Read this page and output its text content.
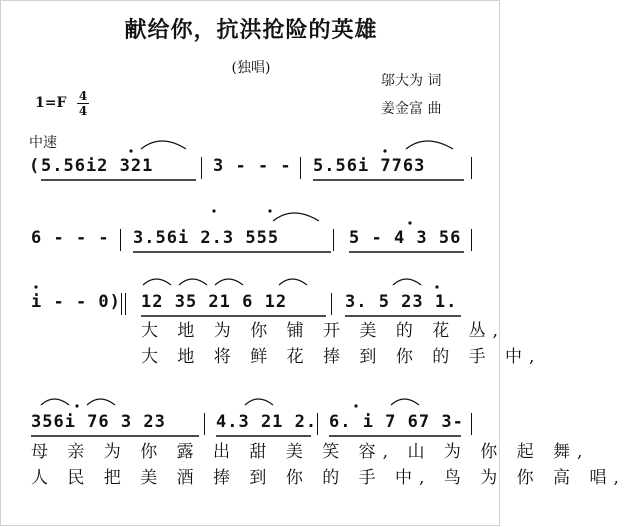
献给你，抗洪抢险的英雄
(独唱)
邬大为 词
姜金富 曲
1=F 4
4
中速
( 5.56i2 321	3 - - - 5.56i 7763
6 - - - 3.56i 2.3 555	5 - 4 3 56
i - - 0) 12 35 21 6 12	3. 5 23 1.
大 地 为 你 铺 开 美 的 花 丛,
大 地 将 鲜 花 捧 到 你 的 手 中,
356i 76 3 23	4.3 21 2. 6. i 7 67 3-
母 亲 为 你 露 出 甜 美 笑 容, 山 为 你 起 舞,
人 民 把 美 酒 捧 到 你 的 手 中, 鸟 为 你 高 唱,
